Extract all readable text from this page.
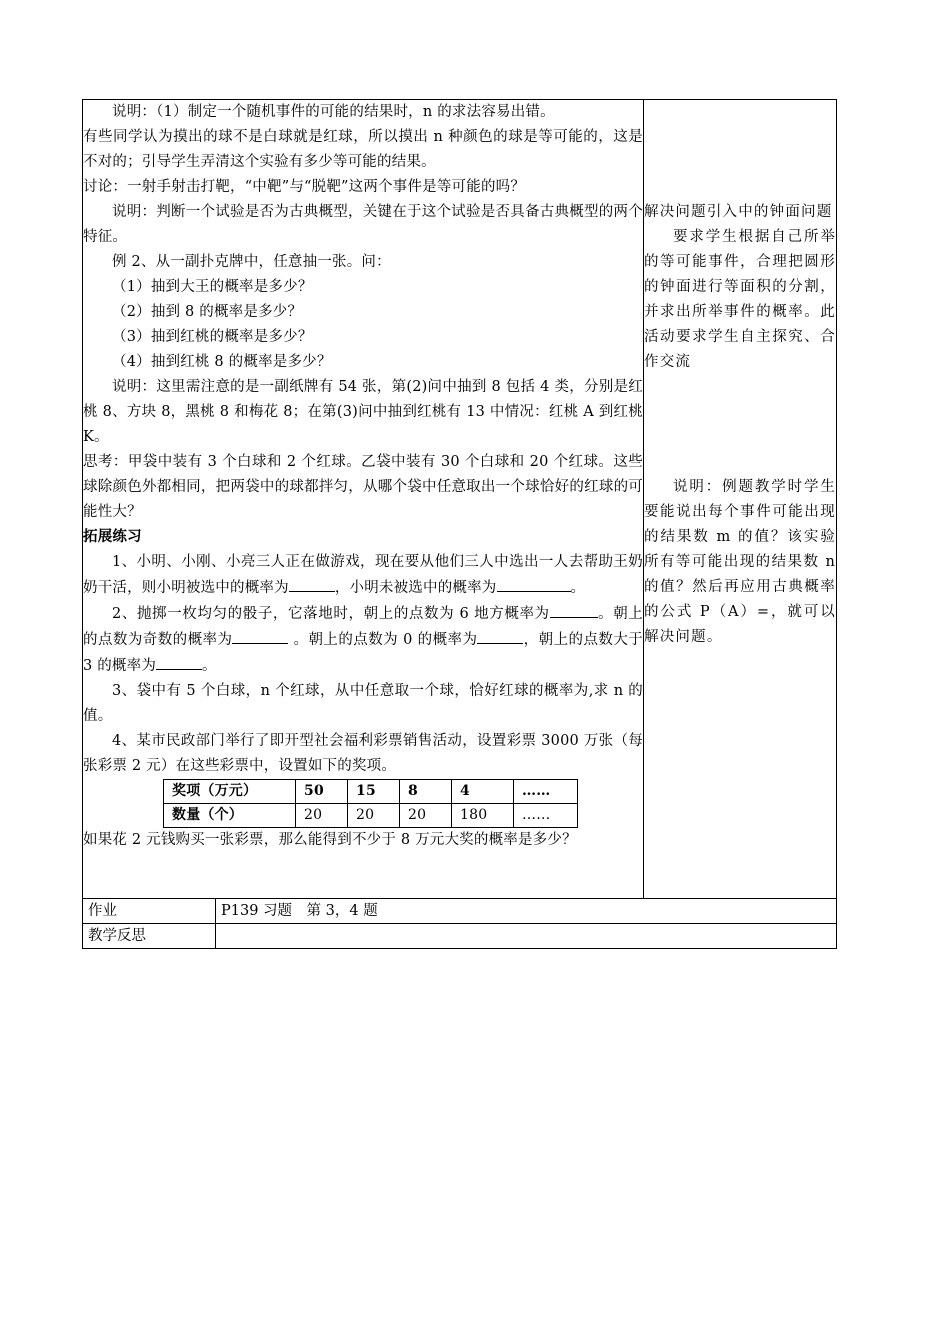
说明：（1）制定一个随机事件的可能的结果时，n 的求法容易出错。

有些同学认为摸出的球不是白球就是红球，所以摸出 n 种颜色的球是等可能的，这是不对的；引导学生弄清这个实验有多少等可能的结果。

讨论：一射手射击打靶，“中靶”与“脱靶”这两个事件是等可能的吗？

说明：判断一个试验是否为古典概型，关键在于这个试验是否具备古典概型的两个特征。

例 2、从一副扑克牌中，任意抽一张。问：

（1）抽到大王的概率是多少？

（2）抽到 8 的概率是多少？

（3）抽到红桃的概率是多少？

（4）抽到红桃 8 的概率是多少？

说明：这里需注意的是一副纸牌有 54 张，第(2)问中抽到 8 包括 4 类，分别是红桃 8、方块 8，黑桃 8 和梅花 8；在第(3)问中抽到红桃有 13 中情况：红桃 A 到红桃 K。

思考：甲袋中装有 3 个白球和 2 个红球。乙袋中装有 30 个白球和 20 个红球。这些球除颜色外都相同，把两袋中的球都拌匀，从哪个袋中任意取出一个球恰好的红球的可能性大？

拓展练习

1、小明、小刚、小亮三人正在做游戏，现在要从他们三人中选出一人去帮助王奶奶干活，则小明被选中的概率为	，小明未被选中的概率为	。

2、抛掷一枚均匀的骰子，它落地时，朝上的点数为 6 地方概率为	。朝上的点数为奇数的概率为	。朝上的点数为 0 的概率为	，朝上的点数大于 3 的概率为	。

3、袋中有 5 个白球，n 个红球，从中任意取一个球，恰好红球的概率为,求 n 的值。

4、某市民政部门举行了即开型社会福利彩票销售活动，设置彩票 3000 万张（每张彩票 2 元）在这些彩票中，设置如下的奖项。

奖项（万元）	50	15	8	4	……
数量（个）	20	20	20	180	……

如果花 2 元钱购买一张彩票，那么能得到不少于 8 万元大奖的概率是多少？

解决问题引入中的钟面问题

要求学生根据自己所举的等可能事件，合理把圆形的钟面进行等面积的分割，并求出所举事件的概率。此活动要求学生自主探究、合作交流

说明：例题教学时学生要能说出每个事件可能出现的结果数 m 的值？该实验所有等可能出现的结果数 n 的值？然后再应用古典概率的公式 P（A）=，就可以解决问题。

作业	P139 习题　第 3，4 题
教学反思	
